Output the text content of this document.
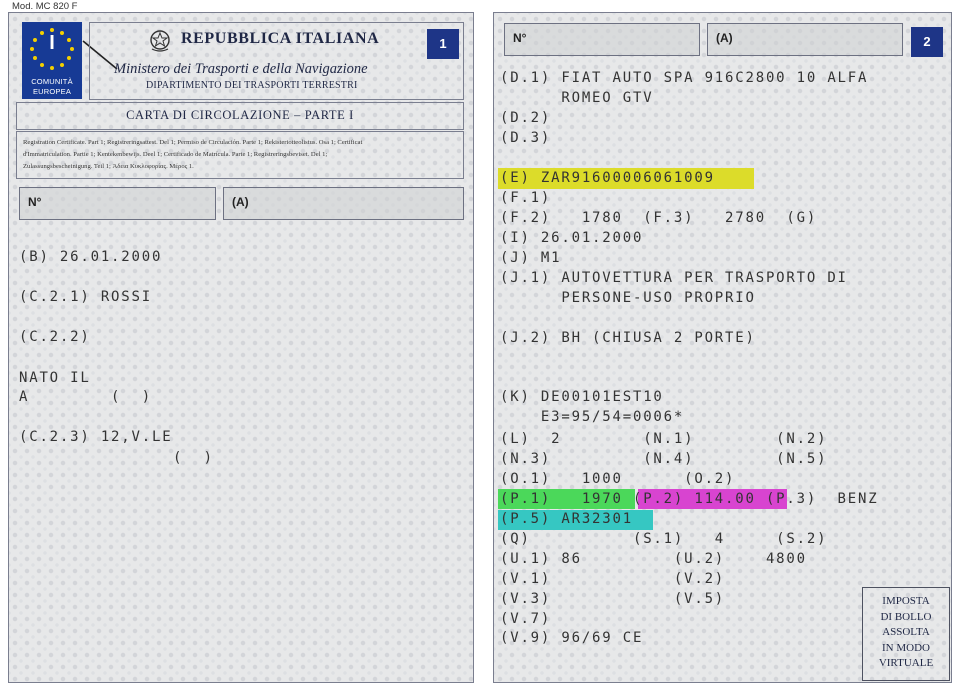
Mod. MC 820 F
I
COMUNITÀ
EUROPEA
REPUBBLICA ITALIANA
Ministero dei Trasporti e della Navigazione
DIPARTIMENTO DEI TRASPORTI TERRESTRI
1
CARTA DI CIRCOLAZIONE – PARTE I
Registration Certificate. Part 1; Registreringsattest. Del 1; Permiso de Circulación. Parte 1; Rekisteriotteolistus. Osa 1; Certificat
d'Immatriculation. Partie 1; Kentekenbewijs. Deel 1; Certificado de Matrícula. Parte 1; Registreringsbeviset. Del 1;
Zulassungsbescheinigung. Teil 1; Άδεια Κυκλοφορίας. Μέρος 1.
N°	(A)
(B) 26.01.2000
(C.2.1) ROSSI
(C.2.2)
NATO IL
A        (  )
(C.2.3) 12,V.LE
(  )
N°	(A)	2
(D.1) FIAT AUTO SPA 916C2800 10 ALFA
ROMEO GTV
(D.2)
(D.3)
(E) ZAR91600006061009
(F.1)
(F.2)   1780  (F.3)   2780  (G)
(I) 26.01.2000
(J) M1
(J.1) AUTOVETTURA PER TRASPORTO DI
PERSONE-USO PROPRIO
(J.2) BH (CHIUSA 2 PORTE)
(K) DE00101EST10
E3=95/54=0006*
(L)  2        (N.1)        (N.2)
(N.3)         (N.4)        (N.5)
(O.1)   1000      (O.2)
(P.1)   1970 (P.2) 114.00 (P.3)  BENZ
(P.5) AR32301
(Q)          (S.1)   4     (S.2)
(U.1) 86         (U.2)    4800
(V.1)            (V.2)
(V.3)            (V.5)
(V.7)
(V.9) 96/69 CE
IMPOSTA
DI BOLLO
ASSOLTA
IN MODO
VIRTUALE
